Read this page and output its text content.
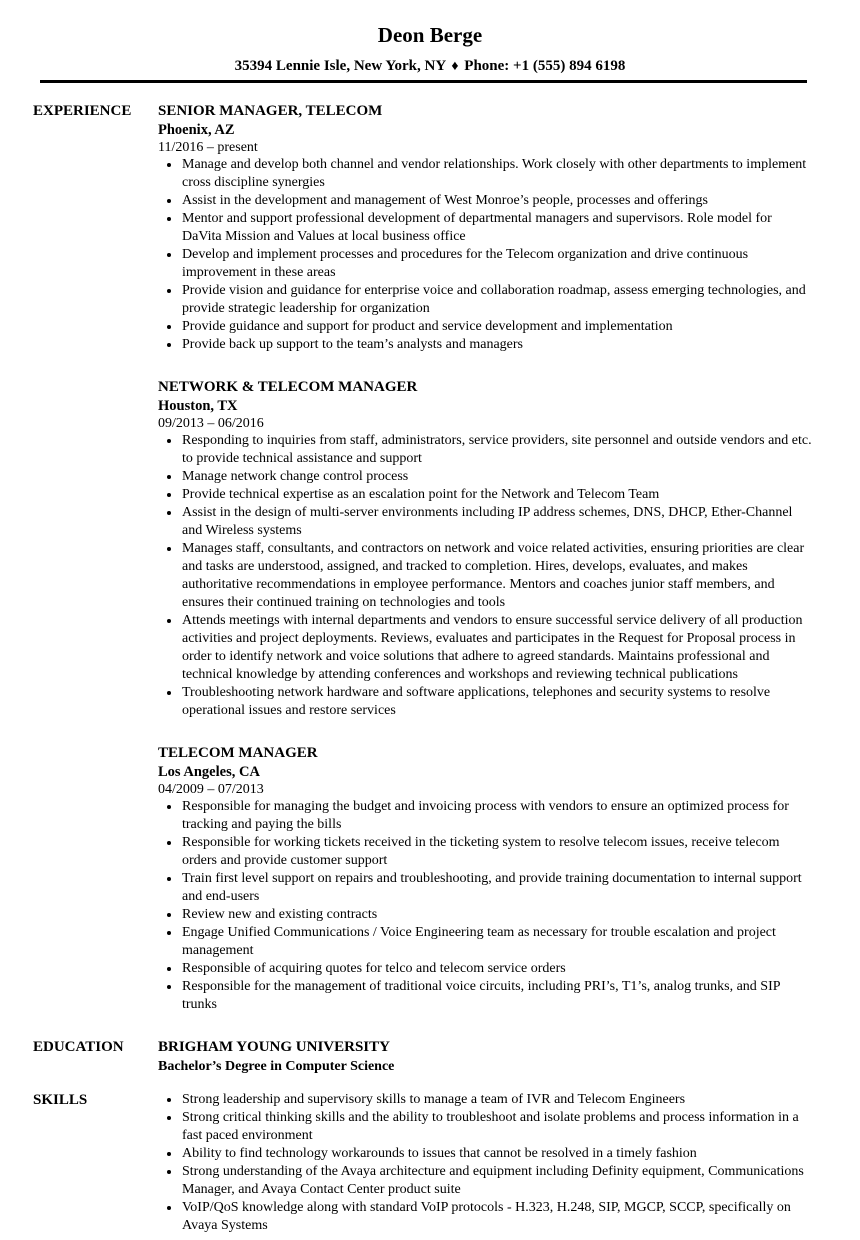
Deon Berge
35394 Lennie Isle, New York, NY ♦ Phone: +1 (555) 894 6198
EXPERIENCE	SENIOR MANAGER, TELECOM
Phoenix, AZ
11/2016 – present
• Manage and develop both channel and vendor relationships. Work closely with other departments to implement cross discipline synergies
• Assist in the development and management of West Monroe’s people, processes and offerings
• Mentor and support professional development of departmental managers and supervisors. Role model for DaVita Mission and Values at local business office
• Develop and implement processes and procedures for the Telecom organization and drive continuous improvement in these areas
• Provide vision and guidance for enterprise voice and collaboration roadmap, assess emerging technologies, and provide strategic leadership for organization
• Provide guidance and support for product and service development and implementation
• Provide back up support to the team’s analysts and managers
NETWORK & TELECOM MANAGER
Houston, TX
09/2013 – 06/2016
• Responding to inquiries from staff, administrators, service providers, site personnel and outside vendors and etc. to provide technical assistance and support
• Manage network change control process
• Provide technical expertise as an escalation point for the Network and Telecom Team
• Assist in the design of multi-server environments including IP address schemes, DNS, DHCP, Ether-Channel and Wireless systems
• Manages staff, consultants, and contractors on network and voice related activities, ensuring priorities are clear and tasks are understood, assigned, and tracked to completion. Hires, develops, evaluates, and makes authoritative recommendations in employee performance. Mentors and coaches junior staff members, and ensures their continued training on technologies and tools
• Attends meetings with internal departments and vendors to ensure successful service delivery of all production activities and project deployments. Reviews, evaluates and participates in the Request for Proposal process in order to identify network and voice solutions that adhere to agreed standards. Maintains professional and technical knowledge by attending conferences and workshops and reviewing technical publications
• Troubleshooting network hardware and software applications, telephones and security systems to resolve operational issues and restore services
TELECOM MANAGER
Los Angeles, CA
04/2009 – 07/2013
• Responsible for managing the budget and invoicing process with vendors to ensure an optimized process for tracking and paying the bills
• Responsible for working tickets received in the ticketing system to resolve telecom issues, receive telecom orders and provide customer support
• Train first level support on repairs and troubleshooting, and provide training documentation to internal support and end-users
• Review new and existing contracts
• Engage Unified Communications / Voice Engineering team as necessary for trouble escalation and project management
• Responsible of acquiring quotes for telco and telecom service orders
• Responsible for the management of traditional voice circuits, including PRI’s, T1’s, analog trunks, and SIP trunks
EDUCATION	BRIGHAM YOUNG UNIVERSITY
Bachelor’s Degree in Computer Science
SKILLS	• Strong leadership and supervisory skills to manage a team of IVR and Telecom Engineers
• Strong critical thinking skills and the ability to troubleshoot and isolate problems and process information in a fast paced environment
• Ability to find technology workarounds to issues that cannot be resolved in a timely fashion
• Strong understanding of the Avaya architecture and equipment including Definity equipment, Communications Manager, and Avaya Contact Center product suite
• VoIP/QoS knowledge along with standard VoIP protocols - H.323, H.248, SIP, MGCP, SCCP, specifically on Avaya Systems
